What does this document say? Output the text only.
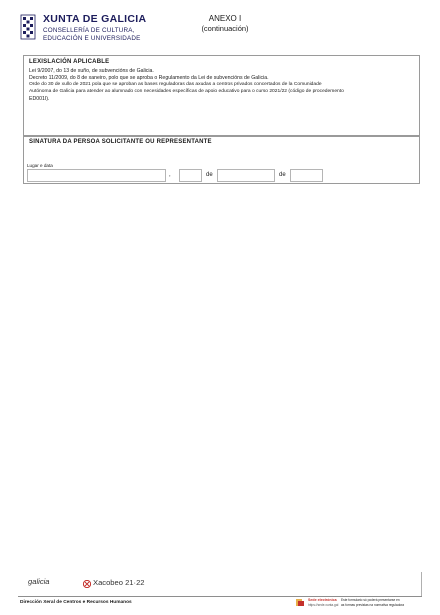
XUNTA DE GALICIA
CONSELLERÍA DE CULTURA,
EDUCACIÓN E UNIVERSIDADE
ANEXO I
(continuación)
LEXISLACIÓN APLICABLE
Lei 9/2007, do 13 de xuño, de subvencións de Galicia.
Decreto 11/2009, do 8 de xaneiro, polo que se aproba o Regulamento da Lei de subvencións de Galicia.
Orde do 30 de xullo de 2021 pola que se aproban as bases reguladoras das axudas a centros privados concertados de la Comunidade
Autónoma de Galicia para atender ao alumnado con necesidades específicas de apoio educativo para o curso 2021/22 (código de procedemento
ED001I).
SINATURA DA PERSOA SOLICITANTE OU REPRESENTANTE
Lugar e data
,	de	de
galicia	Xacobeo 21·22
Dirección Xeral de Centros e Recursos Humanos	Sede electrónica
https://sede.xunta.gal
Este formulario só poderá presentarse en
as formas previstas na normativa reguladora
